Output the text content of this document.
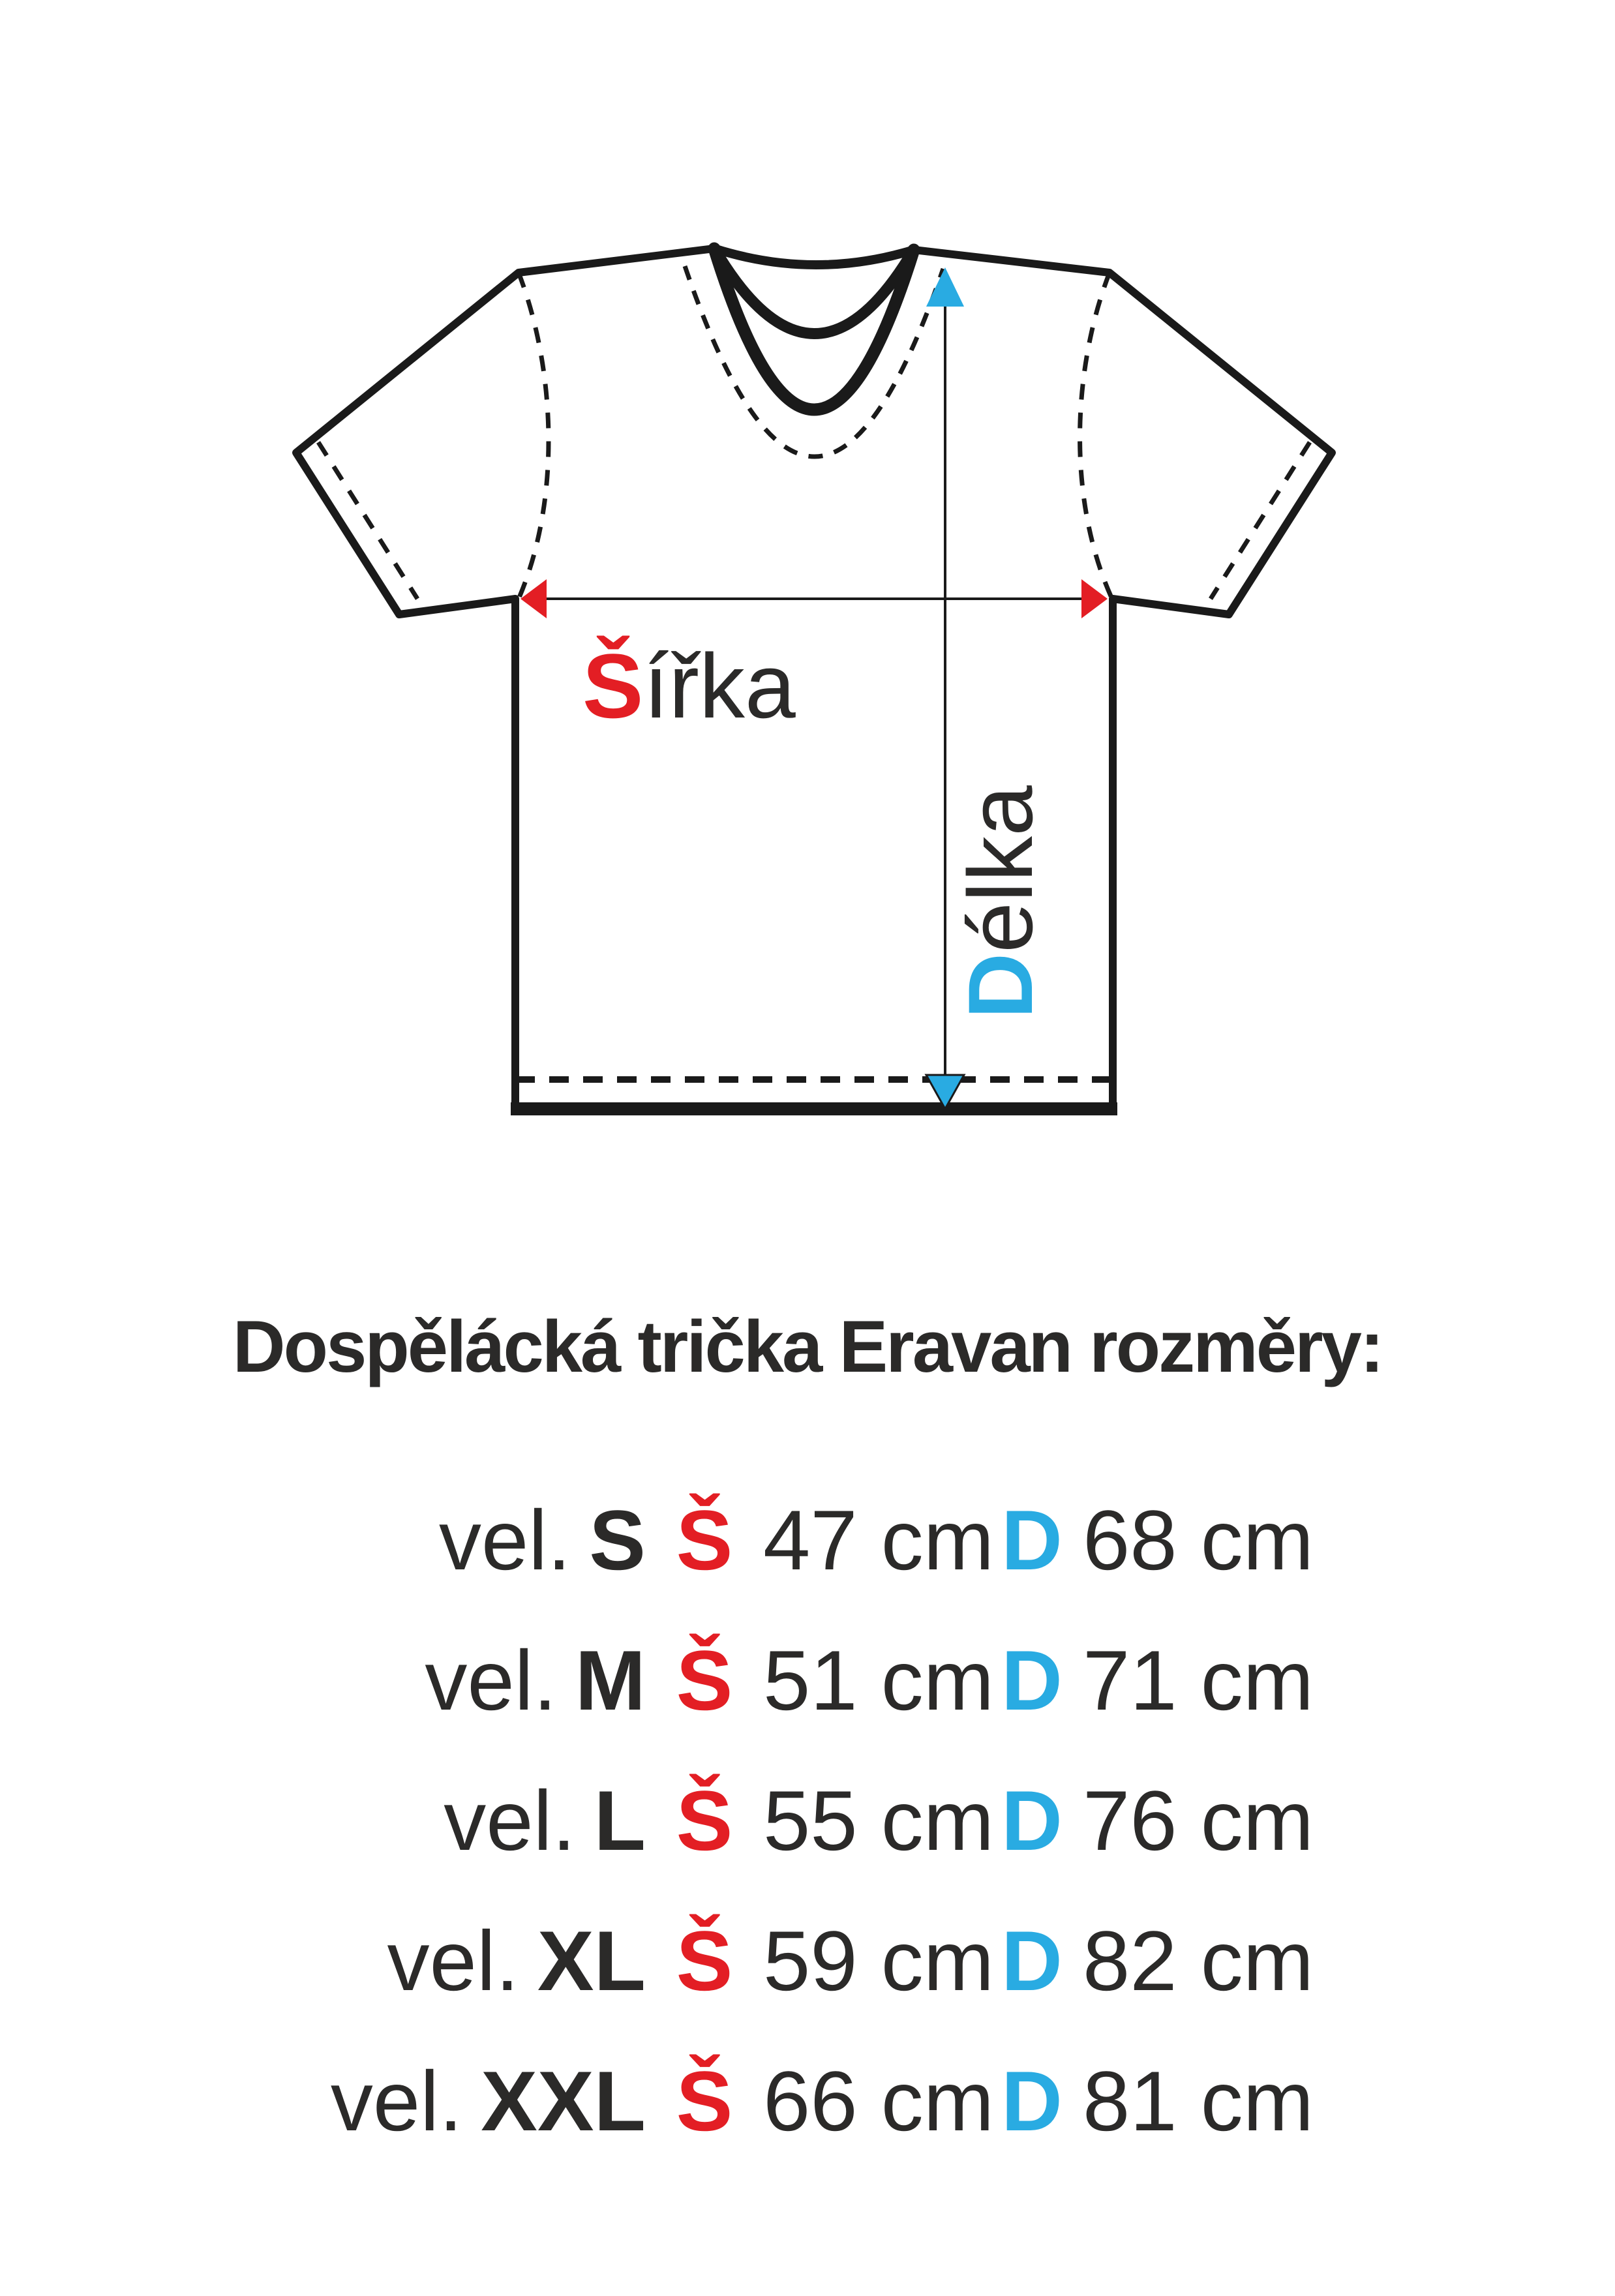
Šířka
Délka
Dospělácká trička Eravan rozměry:
vel. S Š 47 cm D 68 cm
vel. M Š 51 cm D 71 cm
vel. L Š 55 cm D 76 cm
vel. XL Š 59 cm D 82 cm
vel. XXL Š 66 cm D 81 cm
